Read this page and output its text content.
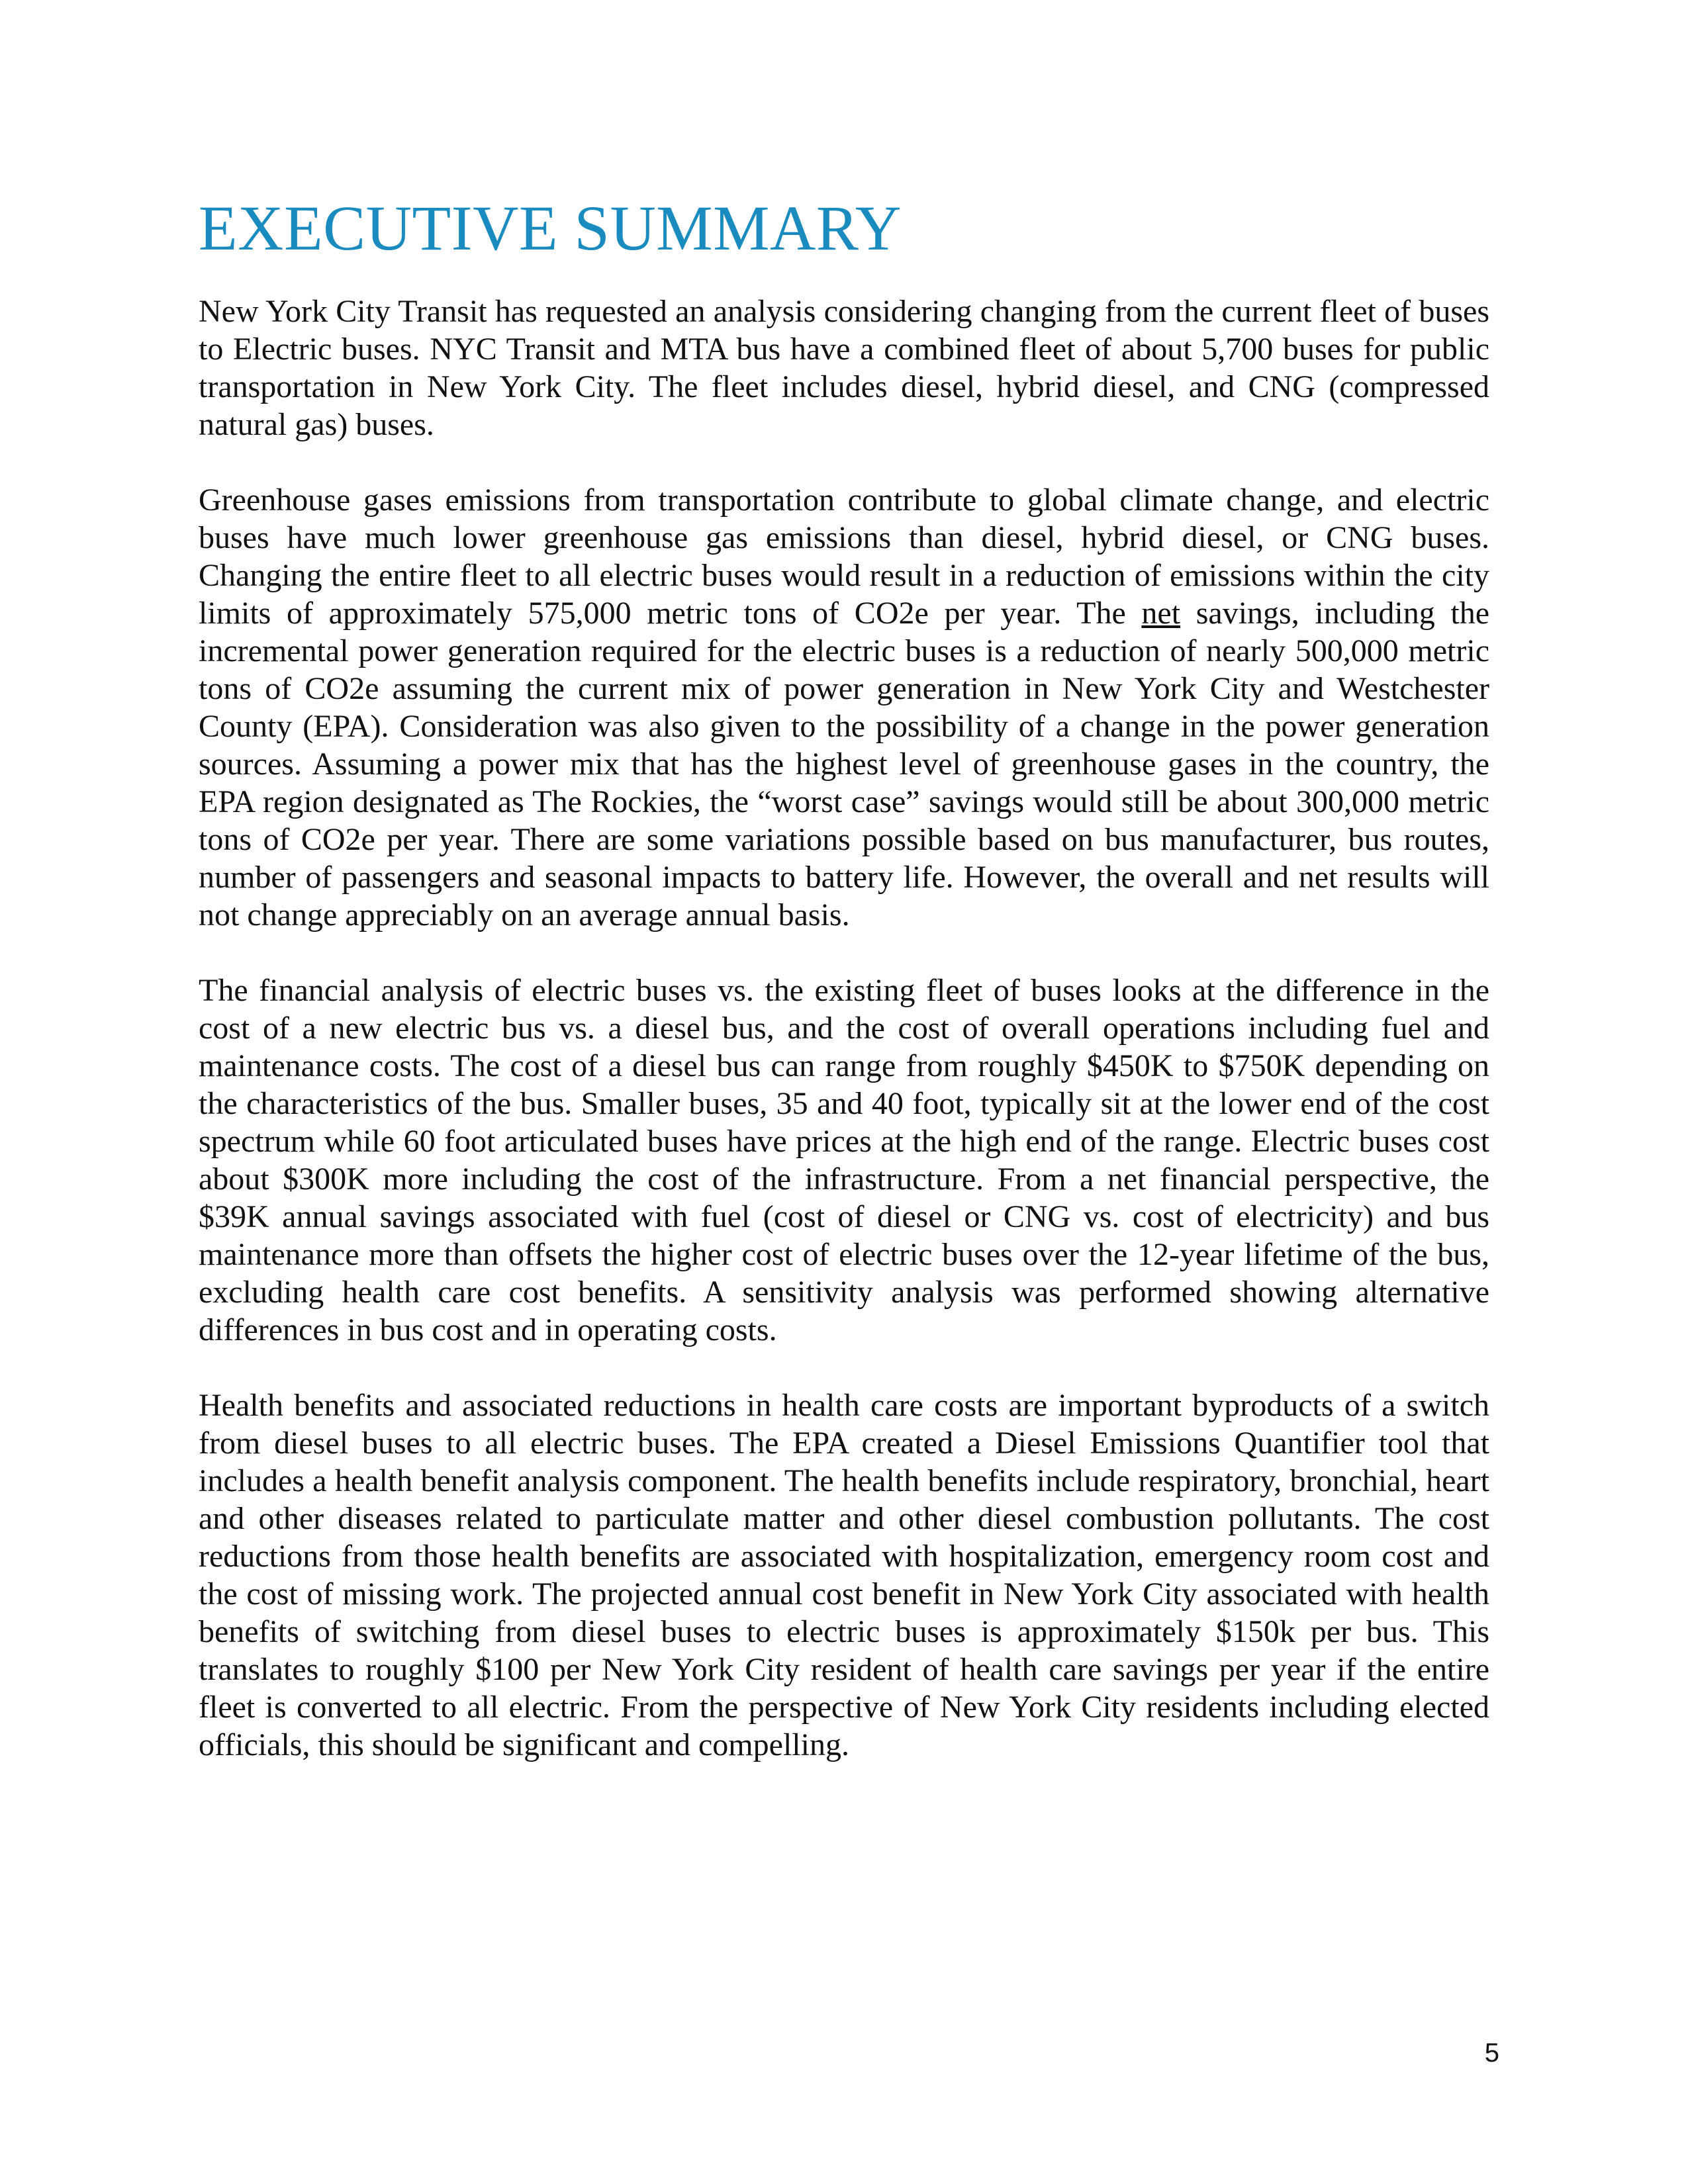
EXECUTIVE SUMMARY

New York City Transit has requested an analysis considering changing from the current fleet of buses to Electric buses. NYC Transit and MTA bus have a combined fleet of about 5,700 buses for public transportation in New York City. The fleet includes diesel, hybrid diesel, and CNG (compressed natural gas) buses.

Greenhouse gases emissions from transportation contribute to global climate change, and electric buses have much lower greenhouse gas emissions than diesel, hybrid diesel, or CNG buses. Changing the entire fleet to all electric buses would result in a reduction of emissions within the city limits of approximately 575,000 metric tons of CO2e per year. The net savings, including the incremental power generation required for the electric buses is a reduction of nearly 500,000 metric tons of CO2e assuming the current mix of power generation in New York City and Westchester County (EPA). Consideration was also given to the possibility of a change in the power generation sources. Assuming a power mix that has the highest level of greenhouse gases in the country, the EPA region designated as The Rockies, the “worst case” savings would still be about 300,000 metric tons of CO2e per year. There are some variations possible based on bus manufacturer, bus routes, number of passengers and seasonal impacts to battery life. However, the overall and net results will not change appreciably on an average annual basis.

The financial analysis of electric buses vs. the existing fleet of buses looks at the difference in the cost of a new electric bus vs. a diesel bus, and the cost of overall operations including fuel and maintenance costs. The cost of a diesel bus can range from roughly $450K to $750K depending on the characteristics of the bus. Smaller buses, 35 and 40 foot, typically sit at the lower end of the cost spectrum while 60 foot articulated buses have prices at the high end of the range. Electric buses cost about $300K more including the cost of the infrastructure. From a net financial perspective, the $39K annual savings associated with fuel (cost of diesel or CNG vs. cost of electricity) and bus maintenance more than offsets the higher cost of electric buses over the 12-year lifetime of the bus, excluding health care cost benefits. A sensitivity analysis was performed showing alternative differences in bus cost and in operating costs.

Health benefits and associated reductions in health care costs are important byproducts of a switch from diesel buses to all electric buses. The EPA created a Diesel Emissions Quantifier tool that includes a health benefit analysis component. The health benefits include respiratory, bronchial, heart and other diseases related to particulate matter and other diesel combustion pollutants. The cost reductions from those health benefits are associated with hospitalization, emergency room cost and the cost of missing work. The projected annual cost benefit in New York City associated with health benefits of switching from diesel buses to electric buses is approximately $150k per bus. This translates to roughly $100 per New York City resident of health care savings per year if the entire fleet is converted to all electric. From the perspective of New York City residents including elected officials, this should be significant and compelling.

5
